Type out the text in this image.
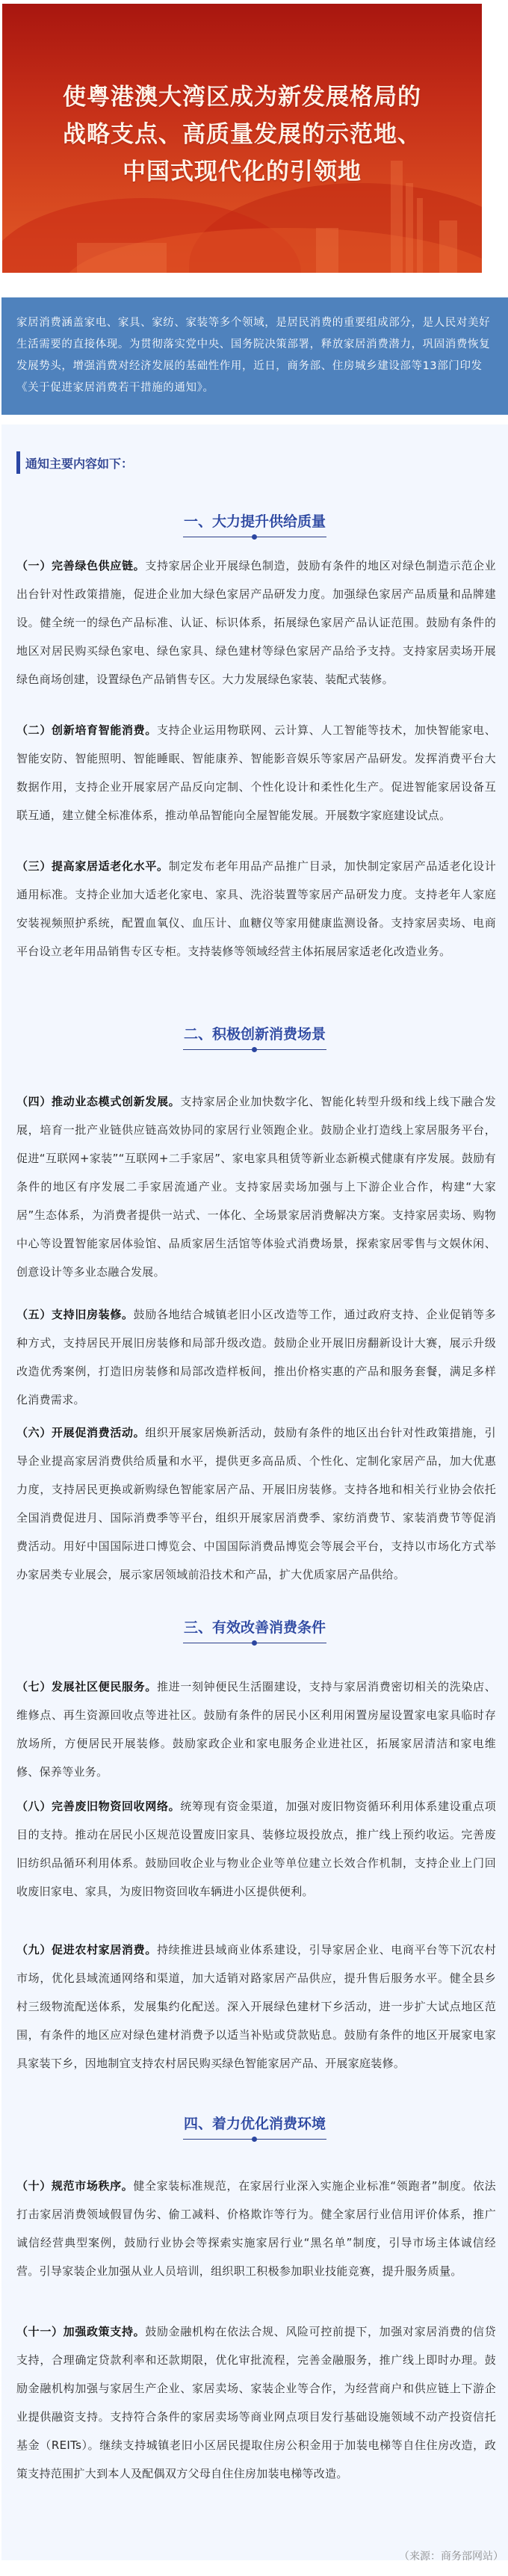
使粤港澳大湾区成为新发展格局的
战略支点、高质量发展的示范地、
中国式现代化的引领地
家居消费涵盖家电、家具、家纺、家装等多个领域，是居民消费的重要组成部分，是人民对美好生活需要的直接体现。为贯彻落实党中央、国务院决策部署，释放家居消费潜力，巩固消费恢复发展势头，增强消费对经济发展的基础性作用，近日，商务部、住房城乡建设部等13部门印发《关于促进家居消费若干措施的通知》。
通知主要内容如下：
一、大力提升供给质量
（一）完善绿色供应链。支持家居企业开展绿色制造，鼓励有条件的地区对绿色制造示范企业出台针对性政策措施，促进企业加大绿色家居产品研发力度。加强绿色家居产品质量和品牌建设。健全统一的绿色产品标准、认证、标识体系，拓展绿色家居产品认证范围。鼓励有条件的地区对居民购买绿色家电、绿色家具、绿色建材等绿色家居产品给予支持。支持家居卖场开展绿色商场创建，设置绿色产品销售专区。大力发展绿色家装、装配式装修。
（二）创新培育智能消费。支持企业运用物联网、云计算、人工智能等技术，加快智能家电、智能安防、智能照明、智能睡眠、智能康养、智能影音娱乐等家居产品研发。发挥消费平台大数据作用，支持企业开展家居产品反向定制、个性化设计和柔性化生产。促进智能家居设备互联互通，建立健全标准体系，推动单品智能向全屋智能发展。开展数字家庭建设试点。
（三）提高家居适老化水平。制定发布老年用品产品推广目录，加快制定家居产品适老化设计通用标准。支持企业加大适老化家电、家具、洗浴装置等家居产品研发力度。支持老年人家庭安装视频照护系统，配置血氧仪、血压计、血糖仪等家用健康监测设备。支持家居卖场、电商平台设立老年用品销售专区专柜。支持装修等领域经营主体拓展居家适老化改造业务。
二、积极创新消费场景
（四）推动业态模式创新发展。支持家居企业加快数字化、智能化转型升级和线上线下融合发展，培育一批产业链供应链高效协同的家居行业领跑企业。鼓励企业打造线上家居服务平台，促进“互联网+家装”“互联网+二手家居”、家电家具租赁等新业态新模式健康有序发展。鼓励有条件的地区有序发展二手家居流通产业。支持家居卖场加强与上下游企业合作，构建“大家居”生态体系，为消费者提供一站式、一体化、全场景家居消费解决方案。支持家居卖场、购物中心等设置智能家居体验馆、品质家居生活馆等体验式消费场景，探索家居零售与文娱休闲、创意设计等多业态融合发展。
（五）支持旧房装修。鼓励各地结合城镇老旧小区改造等工作，通过政府支持、企业促销等多种方式，支持居民开展旧房装修和局部升级改造。鼓励企业开展旧房翻新设计大赛，展示升级改造优秀案例，打造旧房装修和局部改造样板间，推出价格实惠的产品和服务套餐，满足多样化消费需求。
（六）开展促消费活动。组织开展家居焕新活动，鼓励有条件的地区出台针对性政策措施，引导企业提高家居消费供给质量和水平，提供更多高品质、个性化、定制化家居产品，加大优惠力度，支持居民更换或新购绿色智能家居产品、开展旧房装修。支持各地和相关行业协会依托全国消费促进月、国际消费季等平台，组织开展家居消费季、家纺消费节、家装消费节等促消费活动。用好中国国际进口博览会、中国国际消费品博览会等展会平台，支持以市场化方式举办家居类专业展会，展示家居领域前沿技术和产品，扩大优质家居产品供给。
三、有效改善消费条件
（七）发展社区便民服务。推进一刻钟便民生活圈建设，支持与家居消费密切相关的洗染店、维修点、再生资源回收点等进社区。鼓励有条件的居民小区利用闲置房屋设置家电家具临时存放场所，方便居民开展装修。鼓励家政企业和家电服务企业进社区，拓展家居清洁和家电维修、保养等业务。
（八）完善废旧物资回收网络。统筹现有资金渠道，加强对废旧物资循环利用体系建设重点项目的支持。推动在居民小区规范设置废旧家具、装修垃圾投放点，推广线上预约收运。完善废旧纺织品循环利用体系。鼓励回收企业与物业企业等单位建立长效合作机制，支持企业上门回收废旧家电、家具，为废旧物资回收车辆进小区提供便利。
（九）促进农村家居消费。持续推进县域商业体系建设，引导家居企业、电商平台等下沉农村市场，优化县域流通网络和渠道，加大适销对路家居产品供应，提升售后服务水平。健全县乡村三级物流配送体系，发展集约化配送。深入开展绿色建材下乡活动，进一步扩大试点地区范围，有条件的地区应对绿色建材消费予以适当补贴或贷款贴息。鼓励有条件的地区开展家电家具家装下乡，因地制宜支持农村居民购买绿色智能家居产品、开展家庭装修。
四、着力优化消费环境
（十）规范市场秩序。健全家装标准规范，在家居行业深入实施企业标准“领跑者”制度。依法打击家居消费领域假冒伪劣、偷工减料、价格欺诈等行为。健全家居行业信用评价体系，推广诚信经营典型案例，鼓励行业协会等探索实施家居行业“黑名单”制度，引导市场主体诚信经营。引导家装企业加强从业人员培训，组织职工积极参加职业技能竞赛，提升服务质量。
（十一）加强政策支持。鼓励金融机构在依法合规、风险可控前提下，加强对家居消费的信贷支持，合理确定贷款利率和还款期限，优化审批流程，完善金融服务，推广线上即时办理。鼓励金融机构加强与家居生产企业、家居卖场、家装企业等合作，为经营商户和供应链上下游企业提供融资支持。支持符合条件的家居卖场等商业网点项目发行基础设施领域不动产投资信托基金（REITs）。继续支持城镇老旧小区居民提取住房公积金用于加装电梯等自住住房改造，政策支持范围扩大到本人及配偶双方父母自住住房加装电梯等改造。
（来源：商务部网站）
